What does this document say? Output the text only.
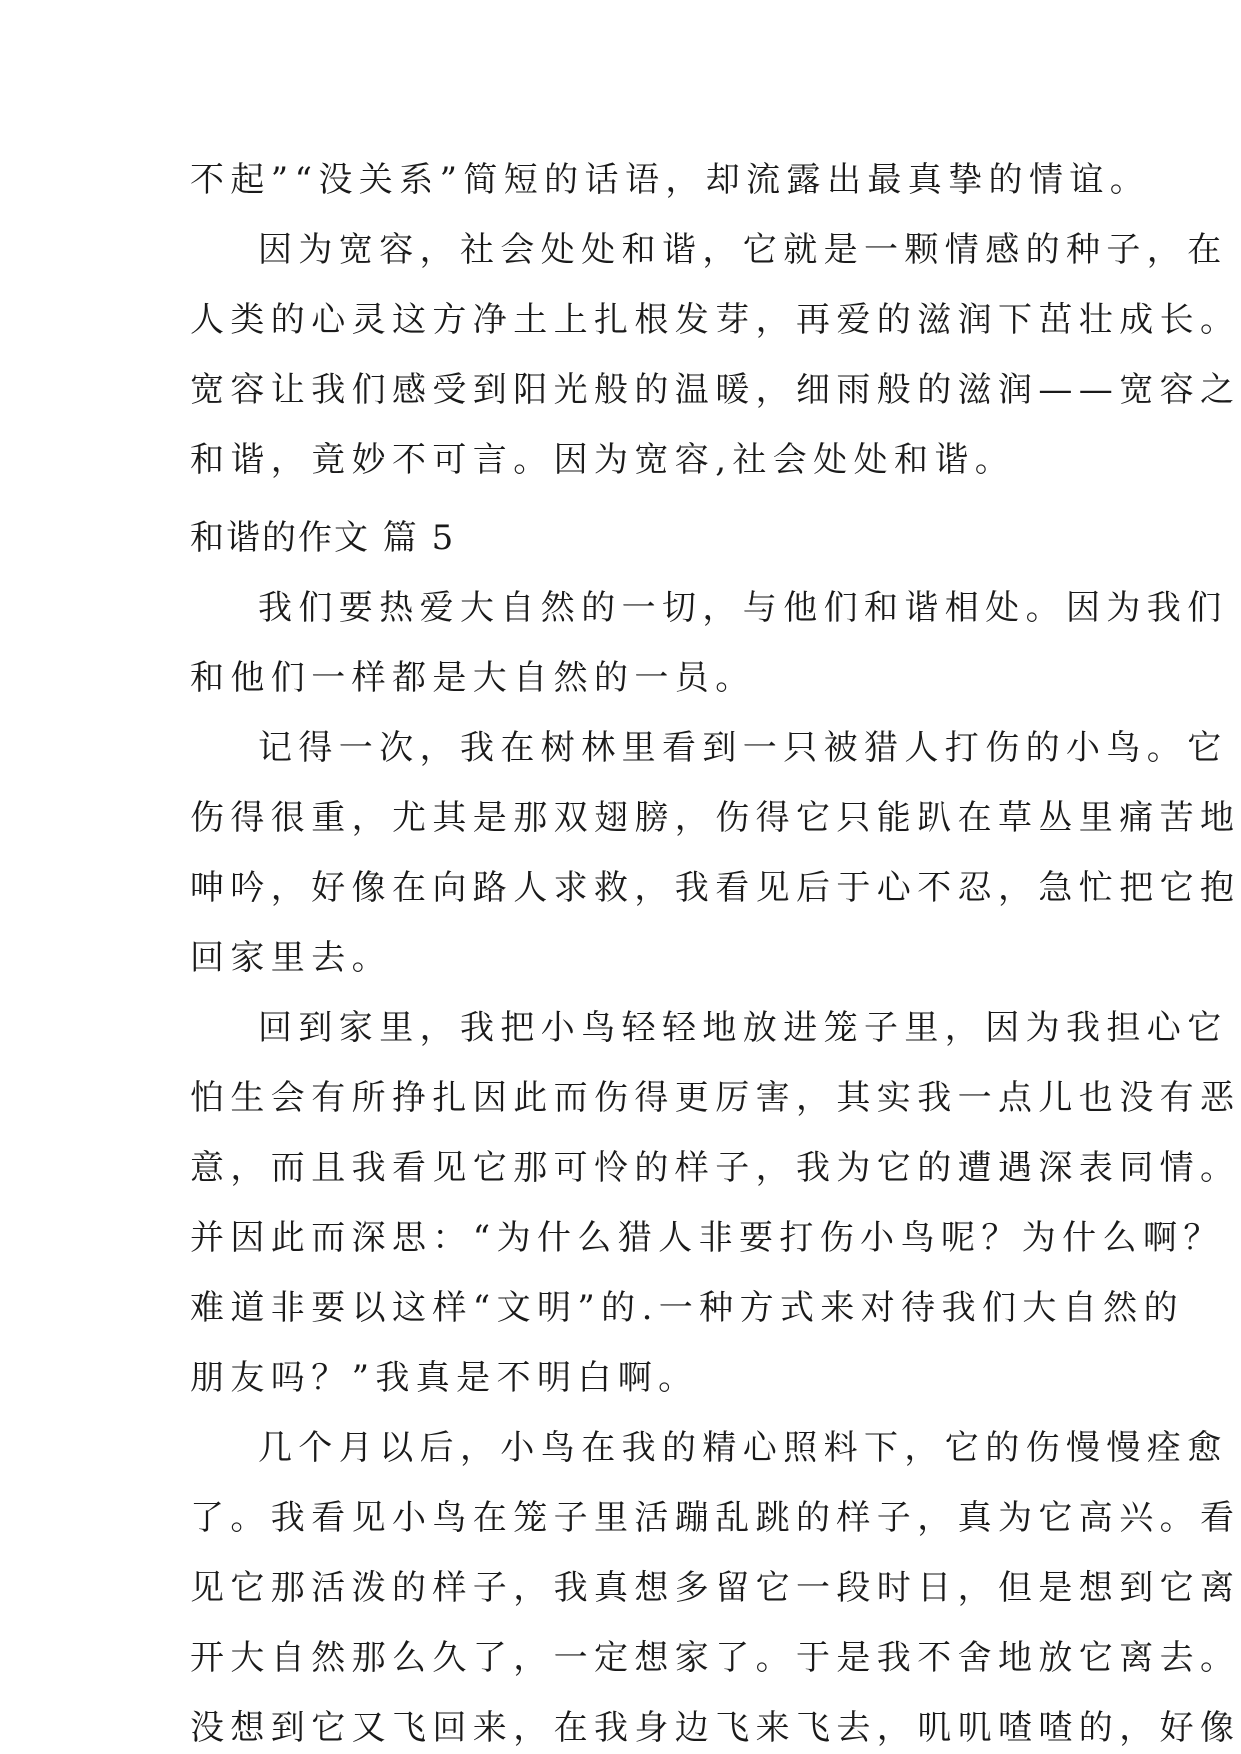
不起”“没关系”简短的话语，却流露出最真挚的情谊。
因为宽容，社会处处和谐，它就是一颗情感的种子，在
人类的心灵这方净土上扎根发芽，再爱的滋润下茁壮成长。
宽容让我们感受到阳光般的温暖，细雨般的滋润——宽容之
和谐，竟妙不可言。因为宽容,社会处处和谐。
和谐的作文 篇 5
我们要热爱大自然的一切，与他们和谐相处。因为我们
和他们一样都是大自然的一员。
记得一次，我在树林里看到一只被猎人打伤的小鸟。它
伤得很重，尤其是那双翅膀，伤得它只能趴在草丛里痛苦地
呻吟，好像在向路人求救，我看见后于心不忍，急忙把它抱
回家里去。
回到家里，我把小鸟轻轻地放进笼子里，因为我担心它
怕生会有所挣扎因此而伤得更厉害，其实我一点儿也没有恶
意，而且我看见它那可怜的样子，我为它的遭遇深表同情。
并因此而深思：“为什么猎人非要打伤小鸟呢？为什么啊？
难道非要以这样“文明”的.一种方式来对待我们大自然的
朋友吗？”我真是不明白啊。
几个月以后，小鸟在我的精心照料下，它的伤慢慢痊愈
了。我看见小鸟在笼子里活蹦乱跳的样子，真为它高兴。看
见它那活泼的样子，我真想多留它一段时日，但是想到它离
开大自然那么久了，一定想家了。于是我不舍地放它离去。
没想到它又飞回来，在我身边飞来飞去，叽叽喳喳的，好像
